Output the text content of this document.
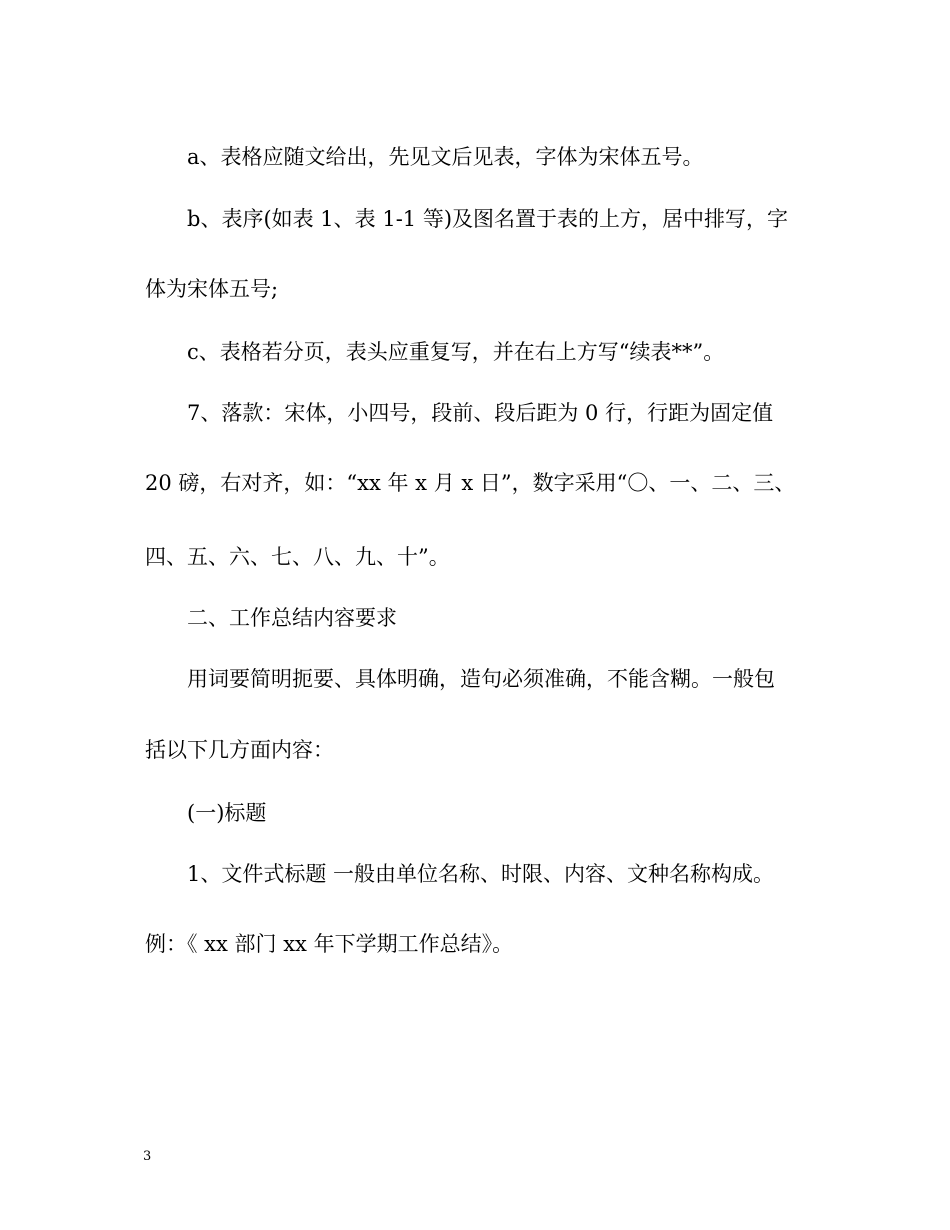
a、表格应随文给出，先见文后见表，字体为宋体五号。
b、表序(如表 1、表 1-1 等)及图名置于表的上方，居中排写，字
体为宋体五号;
c、表格若分页，表头应重复写，并在右上方写“续表**”。
7、落款：宋体，小四号，段前、段后距为 0 行，行距为固定值
20 磅，右对齐，如：“xx 年 x 月 x 日”，数字采用“〇、一、二、三、
四、五、六、七、八、九、十”。
二、工作总结内容要求
用词要简明扼要、具体明确，造句必须准确，不能含糊。一般包
括以下几方面内容：
(一)标题
1、文件式标题 一般由单位名称、时限、内容、文种名称构成。
例：《 xx 部门 xx 年下学期工作总结》。
3
